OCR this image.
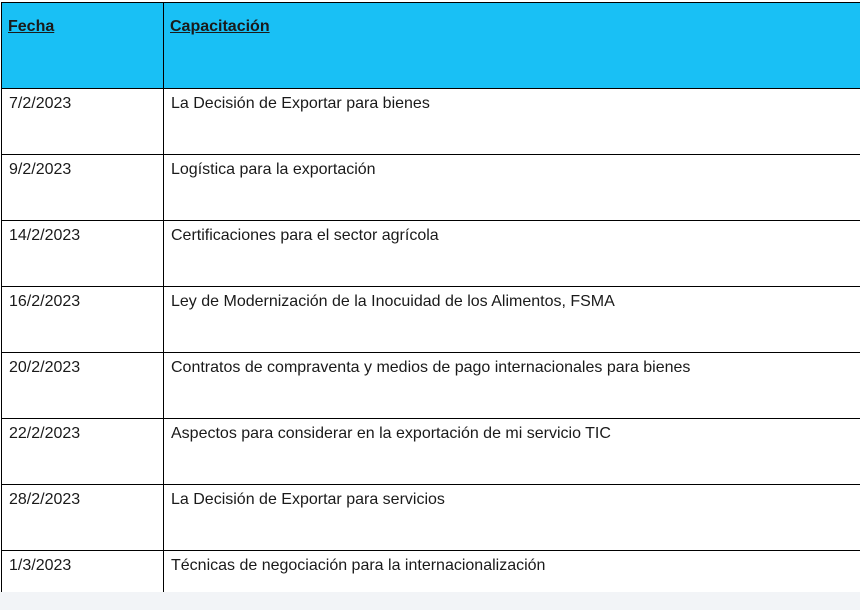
Fecha	Capacitación
7/2/2023	La Decisión de Exportar para bienes
9/2/2023	Logística para la exportación
14/2/2023	Certificaciones para el sector agrícola
16/2/2023	Ley de Modernización de la Inocuidad de los Alimentos, FSMA
20/2/2023	Contratos de compraventa y medios de pago internacionales para bienes
22/2/2023	Aspectos para considerar en la exportación de mi servicio TIC
28/2/2023	La Decisión de Exportar para servicios
1/3/2023	Técnicas de negociación para la internacionalización
